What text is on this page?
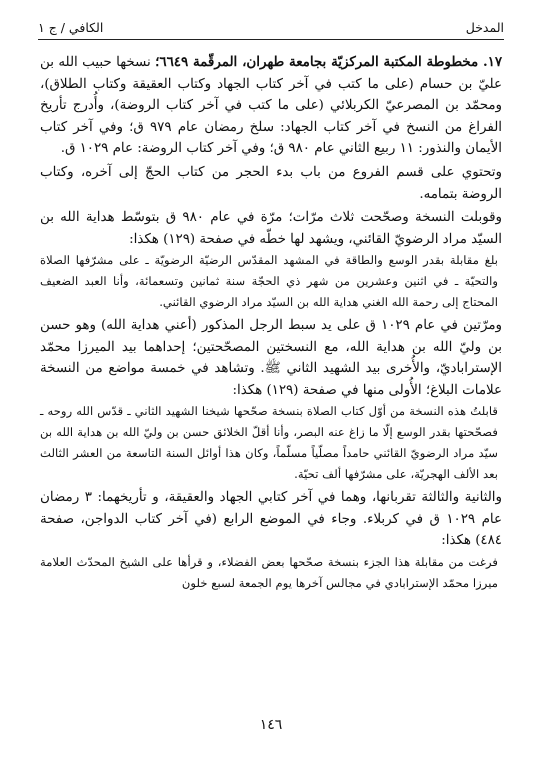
المدخل
الكافي / ج ١

١٧. مخطوطة المكتبة المركزيّة بجامعة طهران، المرقّمة ٦٦٤٩؛ نسخها حبيب الله بن عليّ بن حسام (على ما كتب في آخر كتاب الجهاد وكتاب العقيقة وكتاب الطلاق)، ومحمّد بن المصرعيّ الكربلائي (على ما كتب في آخر كتاب الروضة)، وأُدرج تأريخ الفراغ من النسخ في آخر كتاب الجهاد: سلخ رمضان عام ٩٧٩ ق؛ وفي آخر كتاب الأيمان والنذور: ١١ ربيع الثاني عام ٩٨٠ ق؛ وفي آخر كتاب الروضة: عام ١٠٢٩ ق.

وتحتوي على قسم الفروع من باب بدء الحجر من كتاب الحجّ إلى آخره، وكتاب الروضة بتمامه.

وقوبلت النسخة وصحّحت ثلاث مرّات؛ مرّة في عام ٩٨٠ ق بتوسّط هداية الله بن السيّد مراد الرضويّ القائني، ويشهد لها خطّه في صفحة (١٢٩) هكذا:

بلغ مقابلة بقدر الوسع والطاقة في المشهد المقدّس الرضيّة الرضويّة ـ على مشرّفها الصلاة والتحيّة ـ في اثنين وعشرين من شهر ذي الحجّة سنة ثمانين وتسعمائة، وأنا العبد الضعيف المحتاج إلى رحمة الله الغني هداية الله بن السيّد مراد الرضوي القائني.

ومرّتين في عام ١٠٢٩ ق على يد سبط الرجل المذكور (أعني هداية الله) وهو حسن بن وليّ الله بن هداية الله، مع النسختين المصحّحتين؛ إحداهما بيد الميرزا محمّد الإستراباديّ، والأُخرى بيد الشهيد الثاني ﷺ. وتشاهد في خمسة مواضع من النسخة علامات البلاغ؛ الأُولى منها في صفحة (١٢٩) هكذا:

قابلتُ هذه النسخة من أوّل كتاب الصلاة بنسخة صحّحها شيخنا الشهيد الثاني ـ قدّس الله روحه ـ فصحّحتها بقدر الوسع إلّا ما زاغ عنه البصر، وأنا أقلّ الخلائق حسن بن وليّ الله بن هداية الله بن سيّد مراد الرضويّ القائني حامداً مصلّياً مسلّماً، وكان هذا أوائل السنة التاسعة من العشر الثالث بعد الألف الهجريّة، على مشرّفها ألف تحيّة.

والثانية والثالثة تقربانها، وهما في آخر كتابي الجهاد والعقيقة، و تأريخهما: ٣ رمضان عام ١٠٢٩ ق في كربلاء. وجاء في الموضع الرابع (في آخر كتاب الدواجن، صفحة ٤٨٤) هكذا:

فرغت من مقابلة هذا الجزء بنسخة صحّحها بعض الفضلاء، و قرأها على الشيخ المحدّث العلامة ميرزا محمّد الإسترابادي في مجالس آخرها يوم الجمعة لسبع خلون

١٤٦
